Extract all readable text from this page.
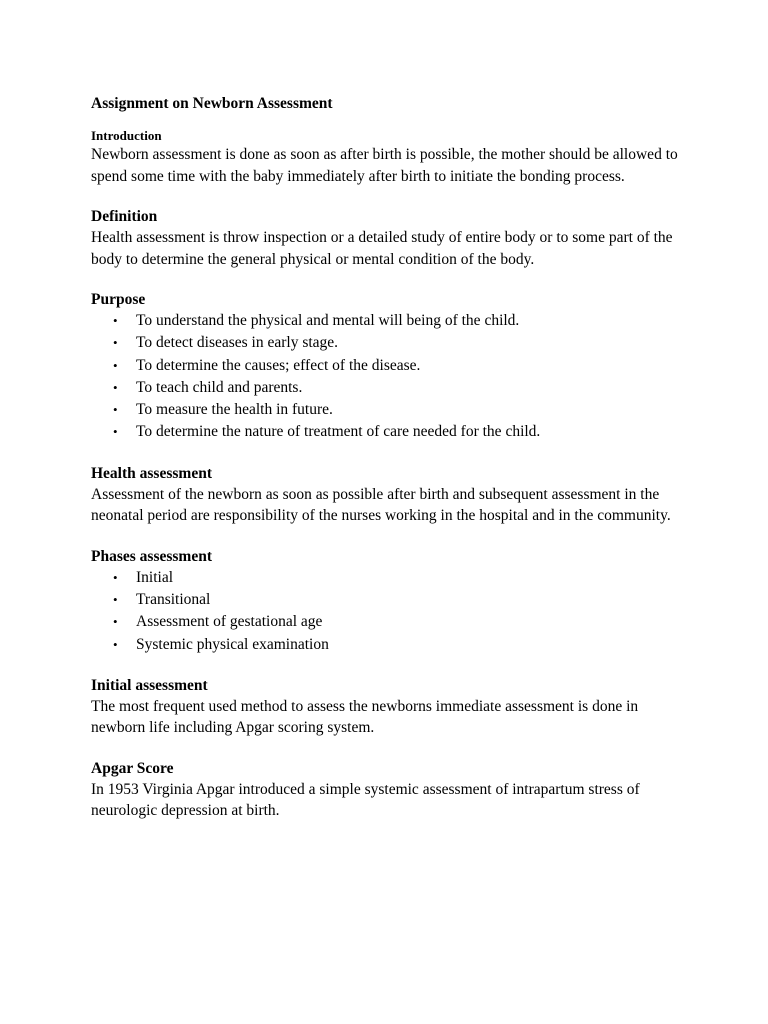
Assignment on Newborn Assessment
Introduction

Newborn assessment is done as soon as after birth is possible, the mother should be allowed to spend some time with the baby immediately after birth to initiate the bonding process.

Definition

Health assessment is throw inspection or a detailed study of entire body or to some part of the body to determine the general physical or mental condition of the body.

Purpose
• To understand the physical and mental will being of the child.
• To detect diseases in early stage.
• To determine the causes; effect of the disease.
• To teach child and parents.
• To measure the health in future.
• To determine the nature of treatment of care needed for the child.
Health assessment

Assessment of the newborn as soon as possible after birth and subsequent assessment in the neonatal period are responsibility of the nurses working in the hospital and in the community.

Phases assessment
• Initial
• Transitional
• Assessment of gestational age
• Systemic physical examination
Initial assessment

The most frequent used method to assess the newborns immediate assessment is done in newborn life including Apgar scoring system.

Apgar Score

In 1953 Virginia Apgar introduced a simple systemic assessment of intrapartum stress of neurologic depression at birth.
